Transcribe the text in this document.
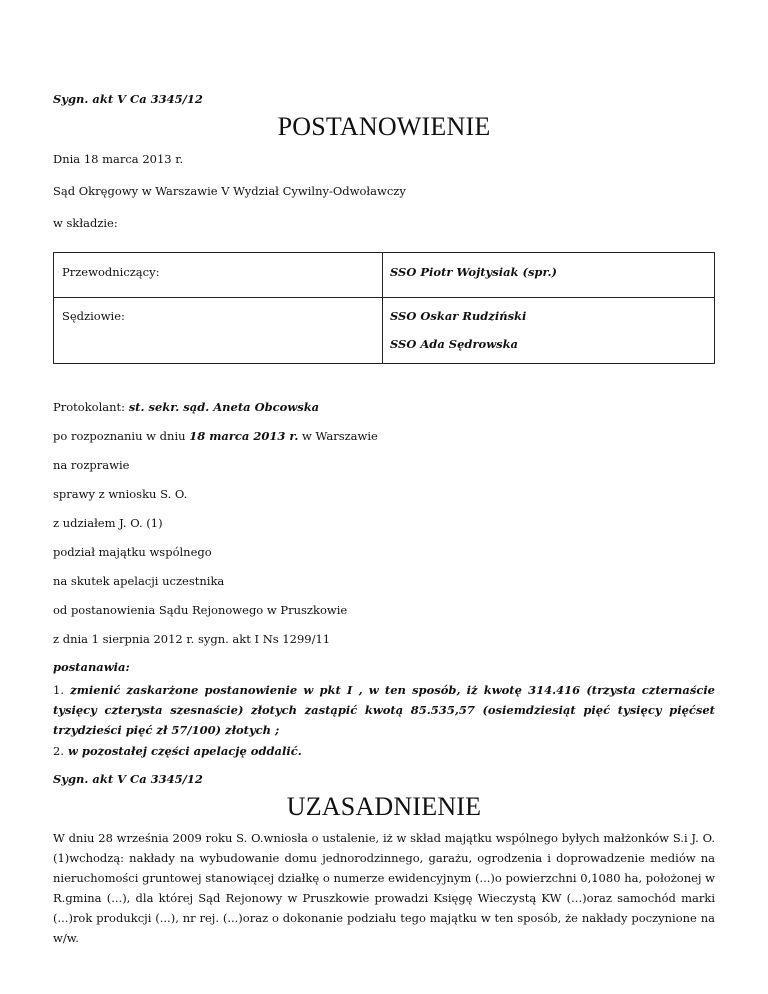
Sygn. akt V Ca 3345/12
POSTANOWIENIE
Dnia 18 marca 2013 r.
Sąd Okręgowy w Warszawie V Wydział Cywilny-Odwoławczy
w składzie:
Przewodniczący:	SSO Piotr Wojtysiak (spr.)
Sędziowie:	SSO Oskar Rudziński
SSO Ada Sędrowska
Protokolant: st. sekr. sąd. Aneta Obcowska
po rozpoznaniu w dniu 18 marca 2013 r. w Warszawie
na rozprawie
sprawy z wniosku S. O.
z udziałem J. O. (1)
podział majątku wspólnego
na skutek apelacji uczestnika
od postanowienia Sądu Rejonowego w Pruszkowie
z dnia 1 sierpnia 2012 r. sygn. akt I Ns 1299/11
postanawia:
1. zmienić zaskarżone postanowienie w pkt I , w ten sposób, iż kwotę 314.416 (trzysta czternaście tysięcy czterysta szesnaście) złotych zastąpić kwotą 85.535,57 (osiemdziesiąt pięć tysięcy pięćset trzydzieści pięć zł 57/100) złotych ;
2. w pozostałej części apelację oddalić.
Sygn. akt V Ca 3345/12
UZASADNIENIE
W dniu 28 września 2009 roku S. O.wniosła o ustalenie, iż w skład majątku wspólnego byłych małżonków S.i J. O. (1)wchodzą: nakłady na wybudowanie domu jednorodzinnego, garażu, ogrodzenia i doprowadzenie mediów na nieruchomości gruntowej stanowiącej działkę o numerze ewidencyjnym (...)o powierzchni 0,1080 ha, położonej w R.gmina (...), dla której Sąd Rejonowy w Pruszkowie prowadzi Księgę Wieczystą KW (...)oraz samochód marki (...)rok produkcji (...), nr rej. (...)oraz o dokonanie podziału tego majątku w ten sposób, że nakłady poczynione na w/w.
